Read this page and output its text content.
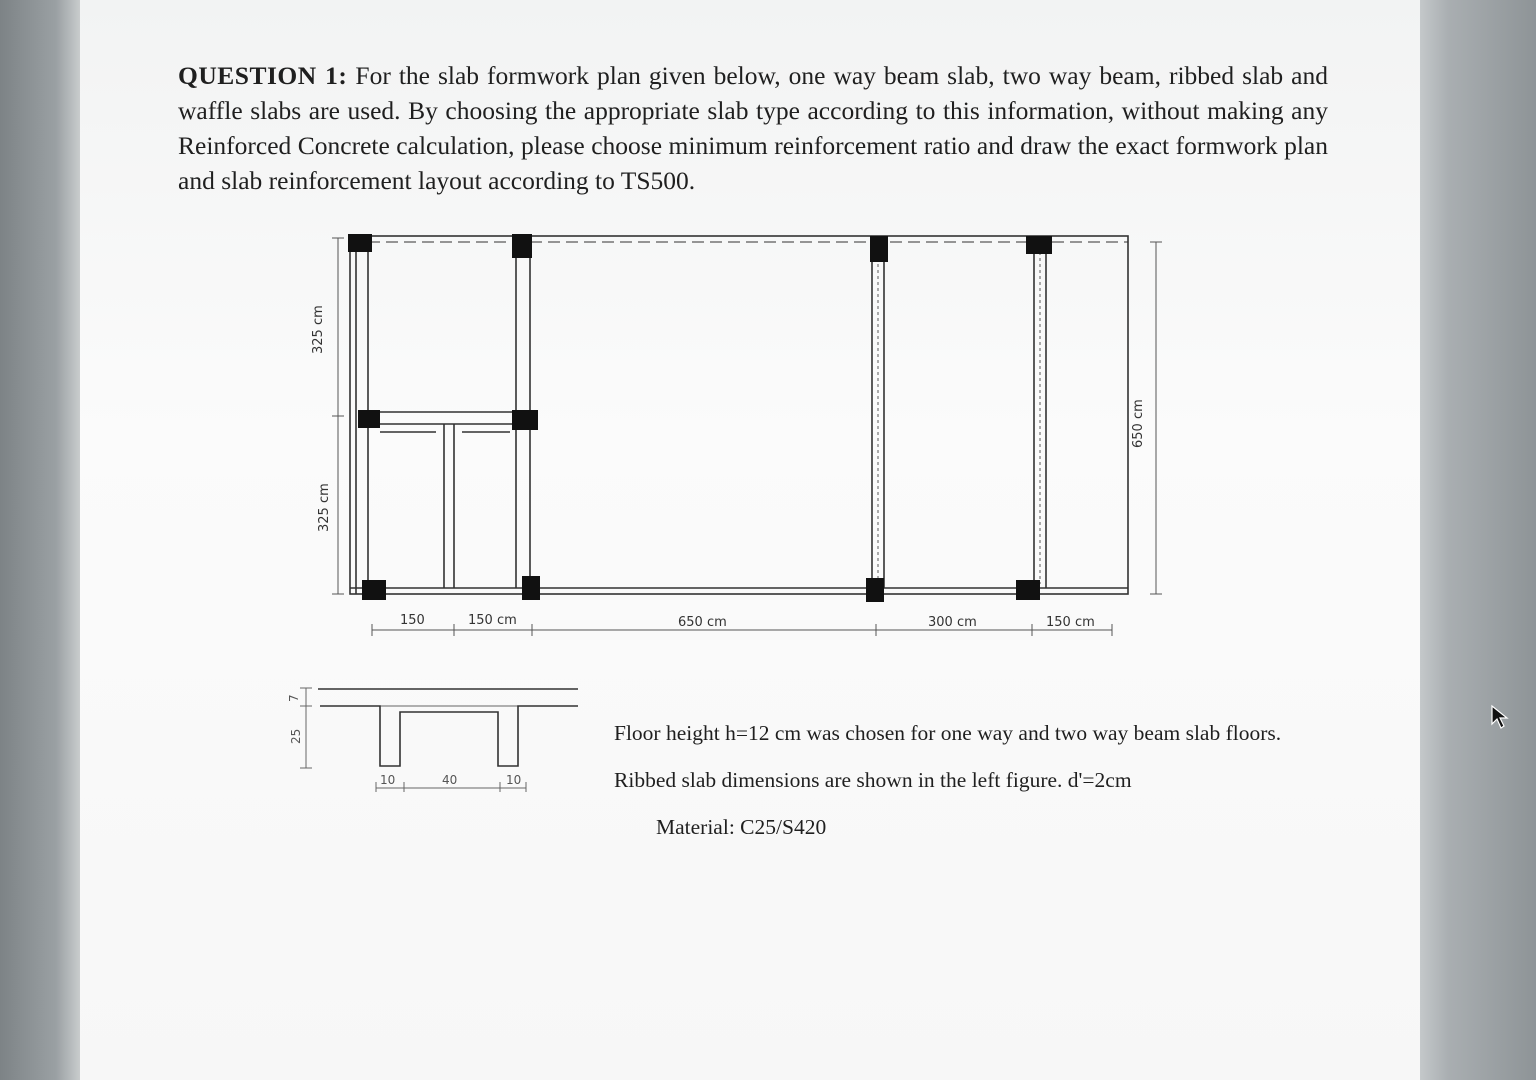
QUESTION 1: For the slab formwork plan given below, one way beam slab, two way beam, ribbed slab and waffle slabs are used. By choosing the appropriate slab type according to this information, without making any Reinforced Concrete calculation, please choose minimum reinforcement ratio and draw the exact formwork plan and slab reinforcement layout according to TS500.
150	150 cm	650 cm	300 cm	150 cm
325 cm
325 cm
650 cm
25
7
10	40	10

Floor height h=12 cm was chosen for one way and two way beam slab floors.

Ribbed slab dimensions are shown in the left figure. d'=2cm

Material: C25/S420
